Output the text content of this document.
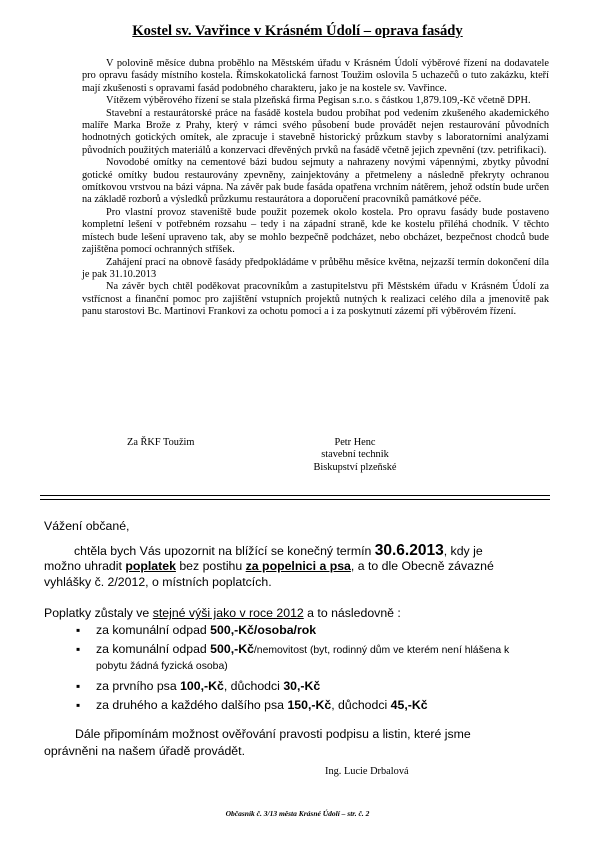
Kostel sv. Vavřince v Krásném Údolí – oprava fasády

V polovině měsíce dubna proběhlo na Městském úřadu v Krásném Údolí výběrové řízení na dodavatele pro opravu fasády místního kostela. Římskokatolická farnost Toužim oslovila 5 uchazečů o tuto zakázku, kteří mají zkušenosti s opravami fasád podobného charakteru, jako je na kostele sv. Vavřince.

Vítězem výběrového řízení se stala plzeňská firma Pegisan s.r.o. s částkou 1,879.109,-Kč včetně DPH.

Stavební a restaurátorské práce na fasádě kostela budou probíhat pod vedením zkušeného akademického malíře Marka Brože z Prahy, který v rámci svého působení bude provádět nejen restaurování původních hodnotných gotických omítek, ale zpracuje i stavebně historický průzkum stavby s laboratorními analýzami původních použitých materiálů a konzervaci dřevěných prvků na fasádě včetně jejich zpevnění (tzv. petrifikaci).

Novodobé omítky na cementové bázi budou sejmuty a nahrazeny novými vápennými, zbytky původní gotické omítky budou restaurovány zpevněny, zainjektovány a přetmeleny a následně překryty ochranou omítkovou vrstvou na bázi vápna. Na závěr pak bude fasáda opatřena vrchním nátěrem, jehož odstín bude určen na základě rozborů a výsledků průzkumu restaurátora a doporučení pracovníků památkové péče.

Pro vlastní provoz staveniště bude použit pozemek okolo kostela. Pro opravu fasády bude postaveno kompletní lešení v potřebném rozsahu – tedy i na západní straně, kde ke kostelu přiléhá chodník. V těchto místech bude lešení upraveno tak, aby se mohlo bezpečně podcházet, nebo obcházet, bezpečnost chodců bude zajištěna pomocí ochranných stříšek.

Zahájení prací na obnově fasády předpokládáme v průběhu měsíce května, nejzazší termín dokončení díla je pak 31.10.2013

Na závěr bych chtěl poděkovat pracovníkům a zastupitelstvu při Městském úřadu v Krásném Údolí za vstřícnost a finanční pomoc pro zajištění vstupních projektů nutných k realizaci celého díla a jmenovitě pak panu starostovi Bc. Martinovi Frankovi za ochotu pomoci a i za poskytnutí zázemí při výběrovém řízení.

Za ŘKF Toužim	Petr Henc
stavební technik
Biskupství plzeňské
Vážení občané,
chtěla bych Vás upozornit na blížící se konečný termín 30.6.2013, kdy je možno uhradit poplatek bez postihu za popelnici a psa, a to dle Obecně závazné vyhlášky č. 2/2012, o místních poplatcích.
Poplatky zůstaly ve stejné výši jako v roce 2012 a to následovně :
▪ za komunální odpad 500,-Kč/osoba/rok
▪ za komunální odpad 500,-Kč/nemovitost (byt, rodinný dům ve kterém není hlášena k pobytu žádná fyzická osoba)
▪ za prvního psa 100,-Kč, důchodci 30,-Kč
▪ za druhého a každého dalšího psa 150,-Kč, důchodci 45,-Kč
Dále připomínám možnost ověřování pravosti podpisu a listin, které jsme oprávněni na našem úřadě provádět.
Ing. Lucie Drbalová
Občasník č. 3/13 města Krásné Údolí – str. č. 2
